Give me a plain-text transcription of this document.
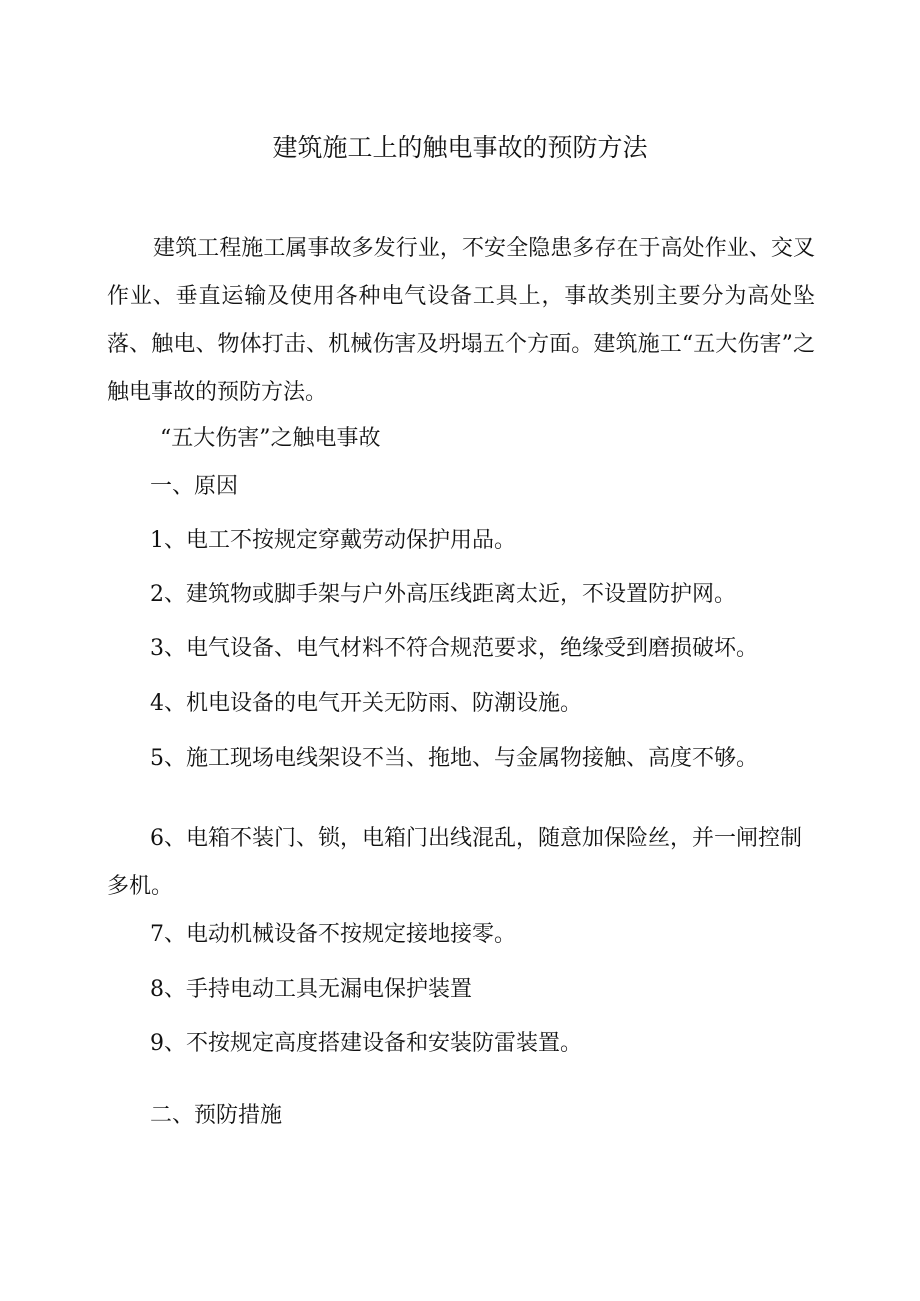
建筑施工上的触电事故的预防方法

建筑工程施工属事故多发行业，不安全隐患多存在于高处作业、交叉作业、垂直运输及使用各种电气设备工具上，事故类别主要分为高处坠落、触电、物体打击、机械伤害及坍塌五个方面。建筑施工“五大伤害”之触电事故的预防方法。

“五大伤害”之触电事故

一、原因

1、电工不按规定穿戴劳动保护用品。

2、建筑物或脚手架与户外高压线距离太近，不设置防护网。

3、电气设备、电气材料不符合规范要求，绝缘受到磨损破坏。

4、机电设备的电气开关无防雨、防潮设施。

5、施工现场电线架设不当、拖地、与金属物接触、高度不够。

6、电箱不装门、锁，电箱门出线混乱，随意加保险丝，并一闸控制多机。

7、电动机械设备不按规定接地接零。

8、手持电动工具无漏电保护装置

9、不按规定高度搭建设备和安装防雷装置。

二、预防措施
